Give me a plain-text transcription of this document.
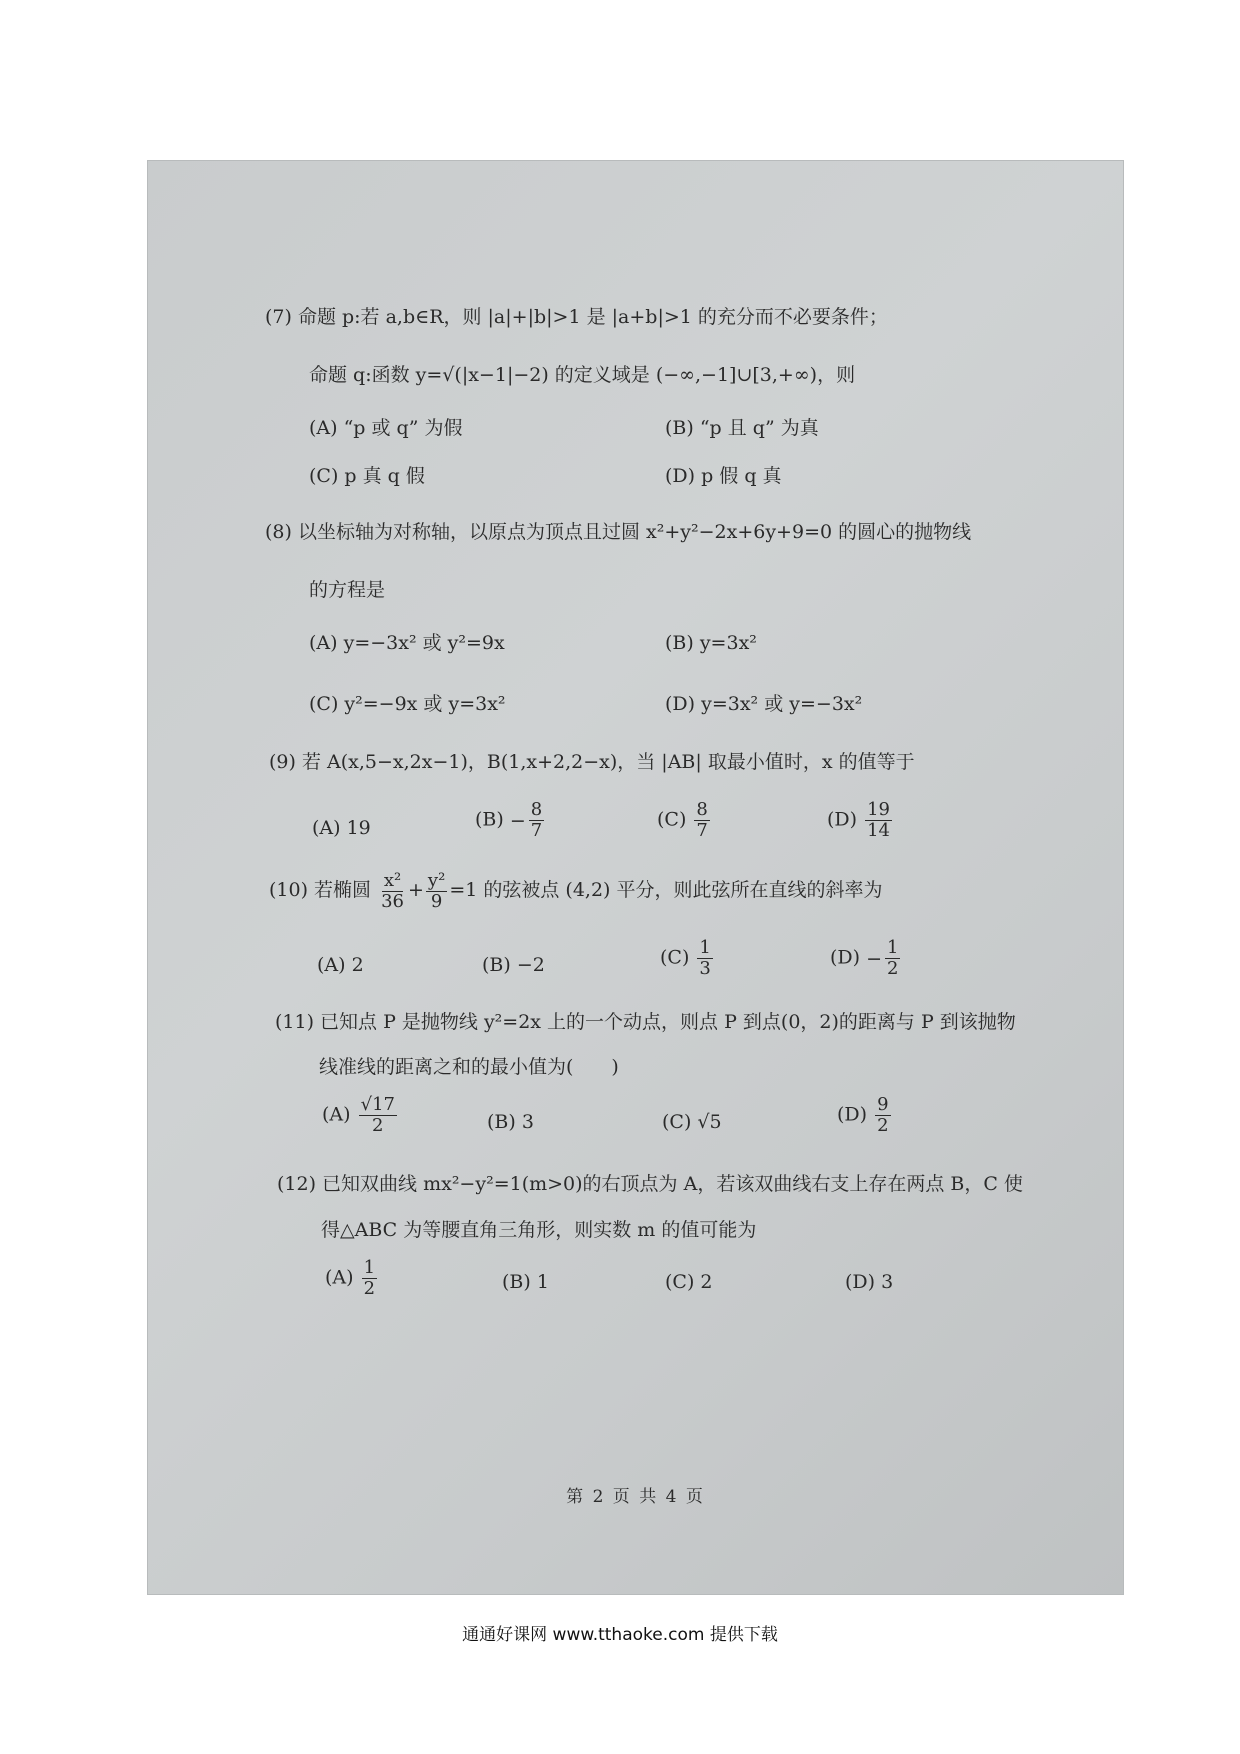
(7) 命题 p:若 a,b∈R，则 |a|+|b|>1 是 |a+b|>1 的充分而不必要条件；
命题 q:函数 y=√(|x−1|−2) 的定义域是 (−∞,−1]∪[3,+∞)，则
(A) “p 或 q” 为假	(B) “p 且 q” 为真
(C) p 真 q 假	(D) p 假 q 真
(8) 以坐标轴为对称轴，以原点为顶点且过圆 x²+y²−2x+6y+9=0 的圆心的抛物线
的方程是
(A) y=−3x² 或 y²=9x	(B) y=3x²
(C) y²=−9x 或 y=3x²	(D) y=3x² 或 y=−3x²
(9) 若 A(x,5−x,2x−1)，B(1,x+2,2−x)，当 |AB| 取最小值时，x 的值等于
(A) 19	$(B) - \frac{8}{7}$	$(C) \frac{8}{7}$	$(D) \frac{19}{14}$
(10) 若椭圆 $\frac{\text{x²}}{36} + \frac{\text{y²}}{9} =1$ 的弦被点 (4,2) 平分，则此弦所在直线的斜率为
(A) 2	(B) −2	$(C) \frac{1}{3}$	$(D) - \frac{1}{2}$
(11) 已知点 P 是抛物线 y²=2x 上的一个动点，则点 P 到点(0，2)的距离与 P 到该抛物
线准线的距离之和的最小值为(　　)
$(A) \frac{√17}{2}$	(B) 3	(C) √5	$(D) \frac{9}{2}$
(12) 已知双曲线 mx²−y²=1(m>0)的右顶点为 A，若该双曲线右支上存在两点 B，C 使
得△ABC 为等腰直角三角形，则实数 m 的值可能为
$(A) \frac{1}{2}$	(B) 1	(C) 2	(D) 3
第 2 页 共 4 页
通通好课网 www.tthaoke.com 提供下载
